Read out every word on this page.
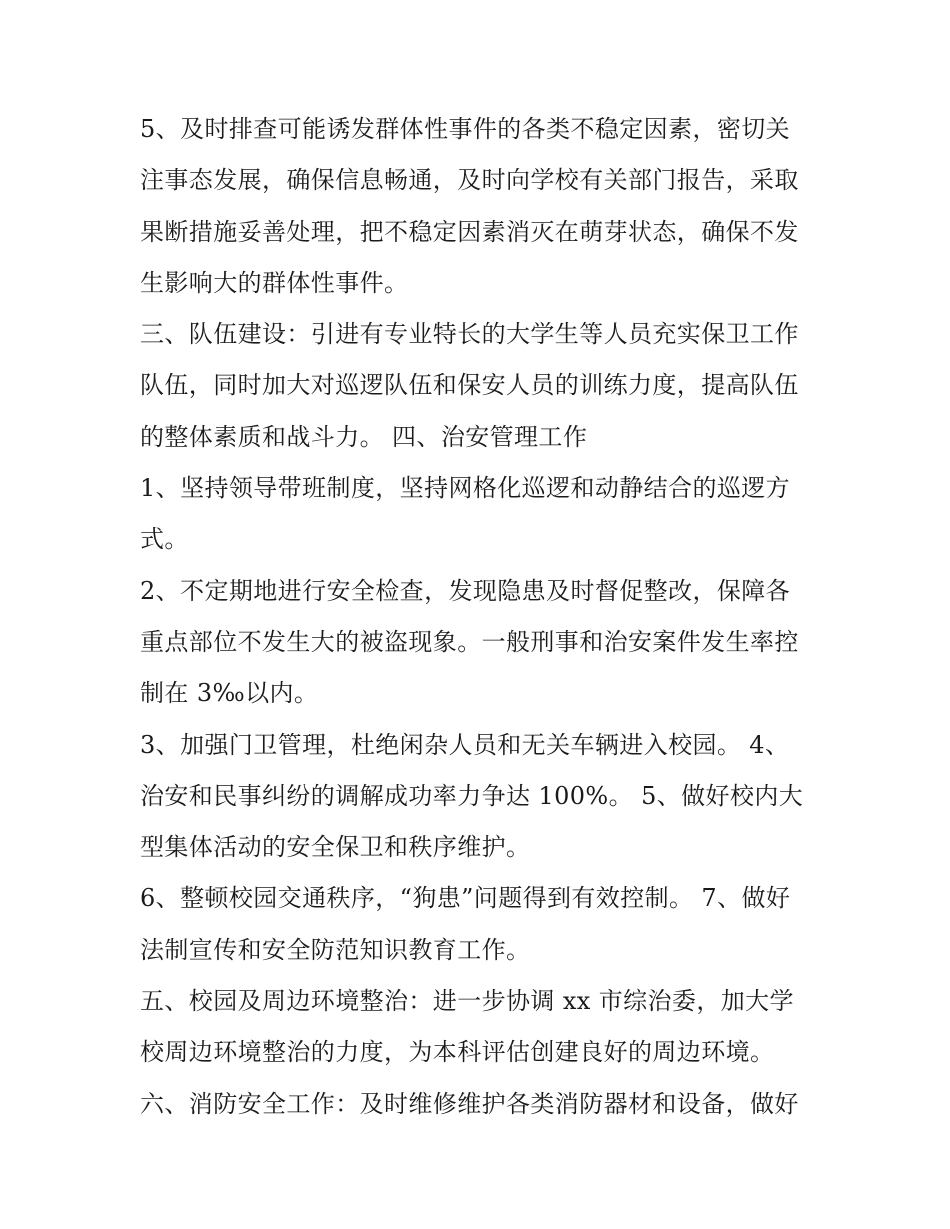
5、及时排查可能诱发群体性事件的各类不稳定因素，密切关
注事态发展，确保信息畅通，及时向学校有关部门报告，采取
果断措施妥善处理，把不稳定因素消灭在萌芽状态，确保不发
生影响大的群体性事件。
三、队伍建设：引进有专业特长的大学生等人员充实保卫工作
队伍，同时加大对巡逻队伍和保安人员的训练力度，提高队伍
的整体素质和战斗力。 四、治安管理工作
1、坚持领导带班制度，坚持网格化巡逻和动静结合的巡逻方
式。
2、不定期地进行安全检查，发现隐患及时督促整改，保障各
重点部位不发生大的被盗现象。一般刑事和治安案件发生率控
制在 3‰以内。
3、加强门卫管理，杜绝闲杂人员和无关车辆进入校园。 4、
治安和民事纠纷的调解成功率力争达 100%。 5、做好校内大
型集体活动的安全保卫和秩序维护。
6、整顿校园交通秩序，“狗患”问题得到有效控制。 7、做好
法制宣传和安全防范知识教育工作。
五、校园及周边环境整治：进一步协调 xx 市综治委，加大学
校周边环境整治的力度，为本科评估创建良好的周边环境。
六、消防安全工作：及时维修维护各类消防器材和设备，做好
